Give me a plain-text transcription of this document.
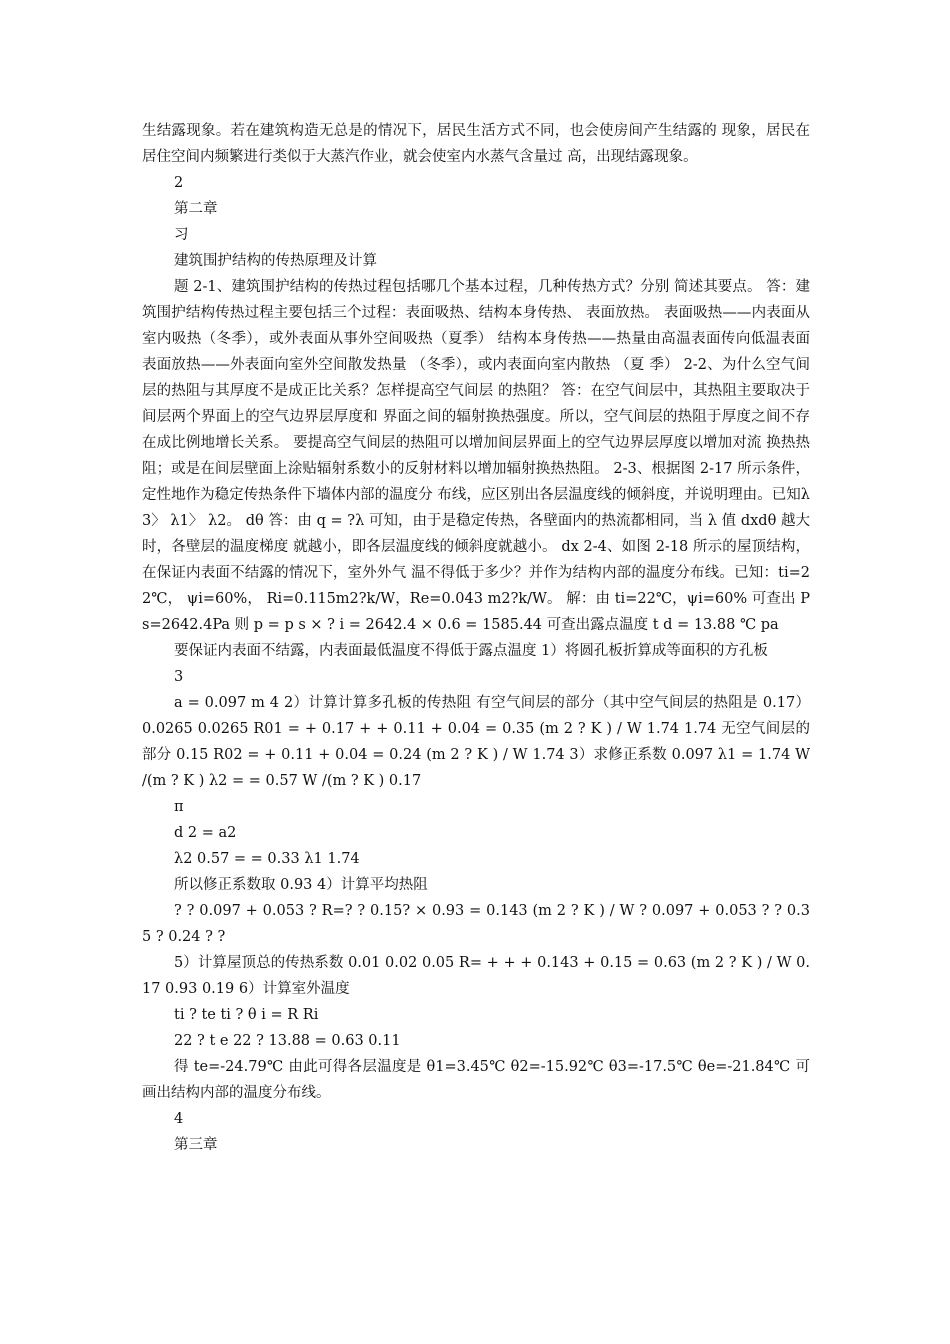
生结露现象。若在建筑构造无总是的情况下，居民生活方式不同，也会使房间产生结露的 现象，居民在居住空间内频繁进行类似于大蒸汽作业，就会使室内水蒸气含量过 高，出现结露现象。

2

第二章

习

建筑围护结构的传热原理及计算

题 2-1、建筑围护结构的传热过程包括哪几个基本过程，几种传热方式？分别 简述其要点。 答：建筑围护结构传热过程主要包括三个过程：表面吸热、结构本身传热、 表面放热。 表面吸热——内表面从室内吸热（冬季），或外表面从事外空间吸热（夏季） 结构本身传热——热量由高温表面传向低温表面 表面放热——外表面向室外空间散发热量 （冬季），或内表面向室内散热 （夏 季） 2-2、为什么空气间层的热阻与其厚度不是成正比关系？怎样提高空气间层 的热阻？ 答：在空气间层中，其热阻主要取决于间层两个界面上的空气边界层厚度和 界面之间的辐射换热强度。所以，空气间层的热阻于厚度之间不存在成比例地增长关系。 要提高空气间层的热阻可以增加间层界面上的空气边界层厚度以增加对流 换热热阻；或是在间层壁面上涂贴辐射系数小的反射材料以增加辐射换热热阻。 2-3、根据图 2-17 所示条件，定性地作为稳定传热条件下墙体内部的温度分 布线，应区别出各层温度线的倾斜度，并说明理由。已知λ3〉 λ1〉 λ2。 dθ 答：由 q = ?λ 可知，由于是稳定传热，各壁面内的热流都相同，当 λ 值 dxdθ 越大时，各壁层的温度梯度 就越小，即各层温度线的倾斜度就越小。 dx 2-4、如图 2-18 所示的屋顶结构，在保证内表面不结露的情况下，室外外气 温不得低于多少？并作为结构内部的温度分布线。已知：ti=22℃， ψi=60%， Ri=0.115m2?k/W，Re=0.043 m2?k/W。 解：由 ti=22℃，ψi=60% 可查出 Ps=2642.4Pa 则 p = p s × ? i = 2642.4 × 0.6 = 1585.44 可查出露点温度 t d = 13.88 ℃ pa

要保证内表面不结露，内表面最低温度不得低于露点温度 1）将圆孔板折算成等面积的方孔板

3

a = 0.097 m 4 2）计算计算多孔板的传热阻 有空气间层的部分（其中空气间层的热阻是 0.17） 0.0265 0.0265 R01 = + 0.17 + + 0.11 + 0.04 = 0.35 (m 2 ? K ) / W 1.74 1.74 无空气间层的部分 0.15 R02 = + 0.11 + 0.04 = 0.24 (m 2 ? K ) / W 1.74 3）求修正系数 0.097 λ1 = 1.74 W /(m ? K ) λ2 = = 0.57 W /(m ? K ) 0.17

π

d 2 = a2

λ2 0.57 = = 0.33 λ1 1.74

所以修正系数取 0.93 4）计算平均热阻

? ? 0.097 + 0.053 ? R=? ? 0.15? × 0.93 = 0.143 (m 2 ? K ) / W ? 0.097 + 0.053 ? ? 0.35 ? 0.24 ? ?

5）计算屋顶总的传热系数 0.01 0.02 0.05 R= + + + 0.143 + 0.15 = 0.63 (m 2 ? K ) / W 0.17 0.93 0.19 6）计算室外温度

ti ? te ti ? θ i = R Ri

22 ? t e 22 ? 13.88 = 0.63 0.11

得 te=-24.79℃ 由此可得各层温度是 θ1=3.45℃ θ2=-15.92℃ θ3=-17.5℃ θe=-21.84℃ 可画出结构内部的温度分布线。

4

第三章
